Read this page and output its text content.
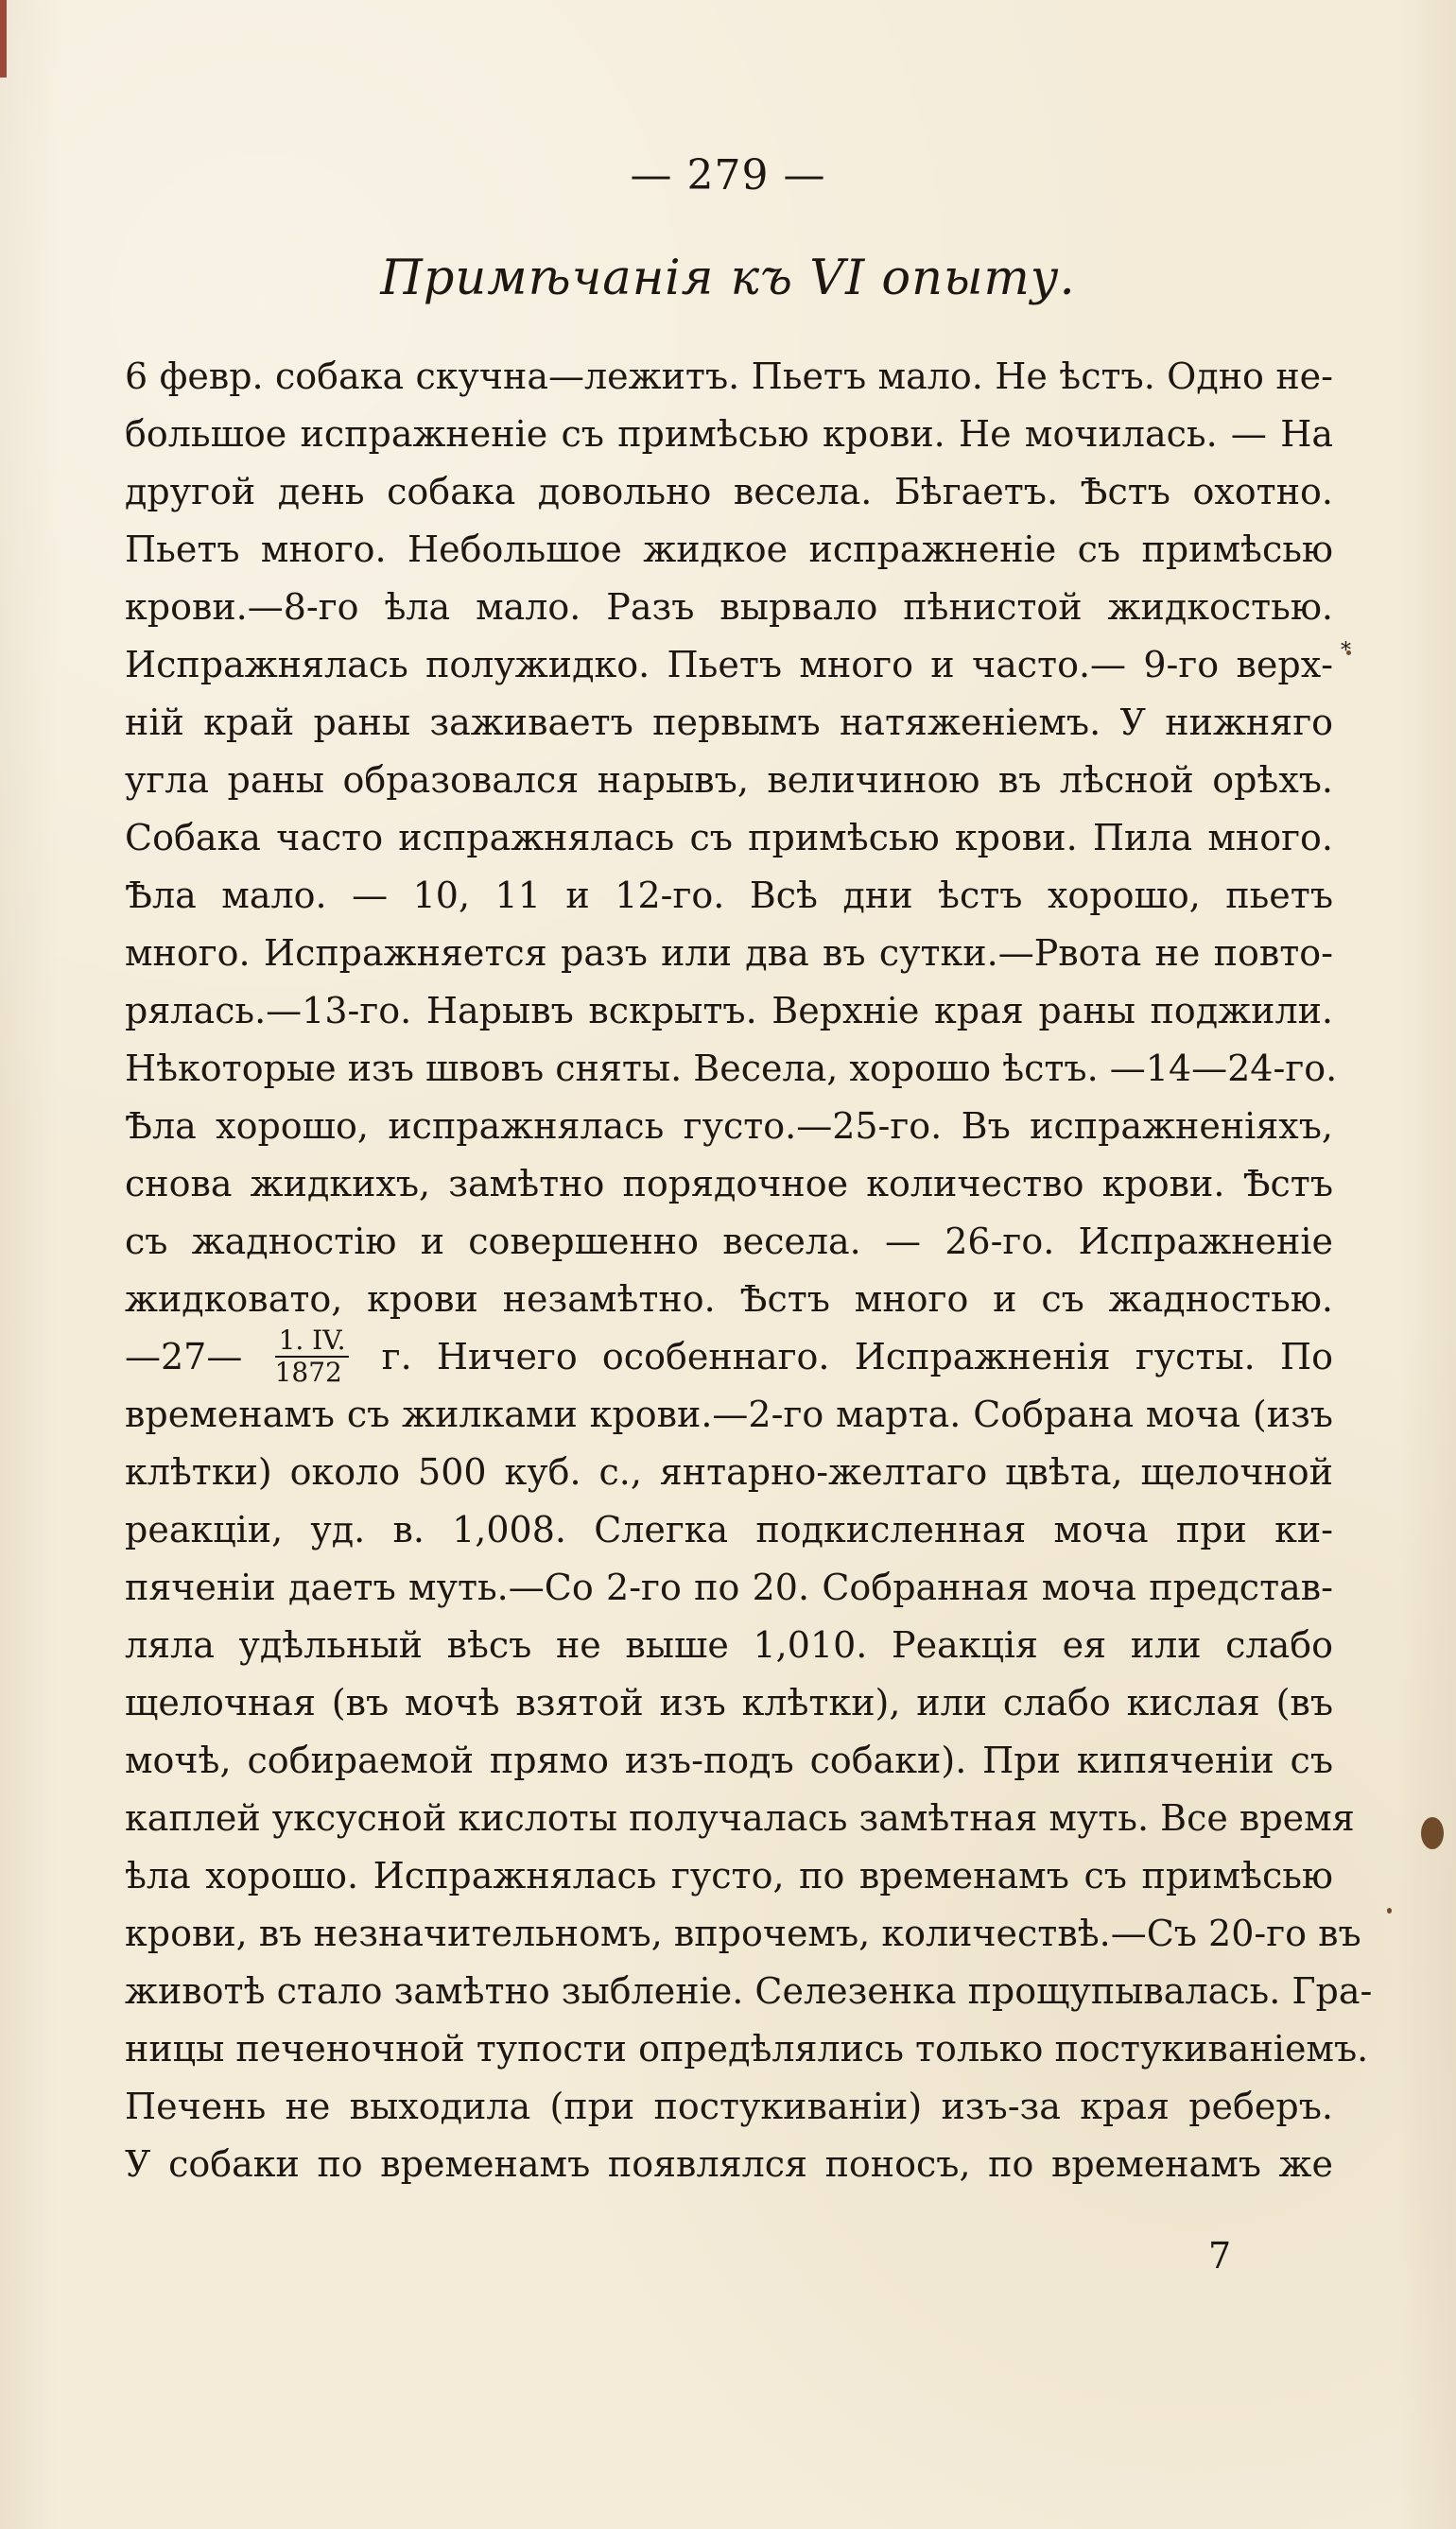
— 279 —
Примѣчанія къ VI опыту.
6 февр. собака скучна—лежитъ. Пьетъ мало. Не ѣстъ. Одно не-
большое испражненіе съ примѣсью крови. Не мочилась. — На
другой день собака довольно весела. Бѣгаетъ. Ѣстъ охотно.
Пьетъ много. Небольшое жидкое испражненіе съ примѣсью
крови.—8-го ѣла мало. Разъ вырвало пѣнистой жидкостью.
Испражнялась полужидко. Пьетъ много и часто.— 9-го верх-
ній край раны заживаетъ первымъ натяженіемъ. У нижняго
угла раны образовался нарывъ, величиною въ лѣсной орѣхъ.
Собака часто испражнялась съ примѣсью крови. Пила много.
Ѣла мало. — 10, 11 и 12-го. Всѣ дни ѣстъ хорошо, пьетъ
много. Испражняется разъ или два въ сутки.—Рвота не повто-
рялась.—13-го. Нарывъ вскрытъ. Верхніе края раны поджили.
Нѣкоторые изъ швовъ сняты. Весела, хорошо ѣстъ. —14—24-го.
Ѣла хорошо, испражнялась густо.—25-го. Въ испражненіяхъ,
снова жидкихъ, замѣтно порядочное количество крови. Ѣстъ
съ жадностію и совершенно весела. — 26-го. Испражненіе
жидковато, крови незамѣтно. Ѣстъ много и съ жадностью.
—27— $\frac{1. IV.}{1872} г$. Ничего особеннаго. Испражненія густы. По
временамъ съ жилками крови.—2-го марта. Собрана моча (изъ
клѣтки) около 500 куб. с., янтарно-желтаго цвѣта, щелочной
реакціи, уд. в. 1,008. Слегка подкисленная моча при ки-
пяченіи даетъ муть.—Со 2-го по 20. Собранная моча представ-
ляла удѣльный вѣсъ не выше 1,010. Реакція ея или слабо
щелочная (въ мочѣ взятой изъ клѣтки), или слабо кислая (въ
мочѣ, собираемой прямо изъ-подъ собаки). При кипяченіи съ
каплей уксусной кислоты получалась замѣтная муть. Все время
ѣла хорошо. Испражнялась густо, по временамъ съ примѣсью
крови, въ незначительномъ, впрочемъ, количествѣ.—Съ 20-го въ
животѣ стало замѣтно зыбленіе. Селезенка прощупывалась. Гра-
ницы печеночной тупости опредѣлялись только постукиваніемъ.
Печень не выходила (при постукиваніи) изъ-за края реберъ.
У собаки по временамъ появлялся поносъ, по временамъ же
7
*
